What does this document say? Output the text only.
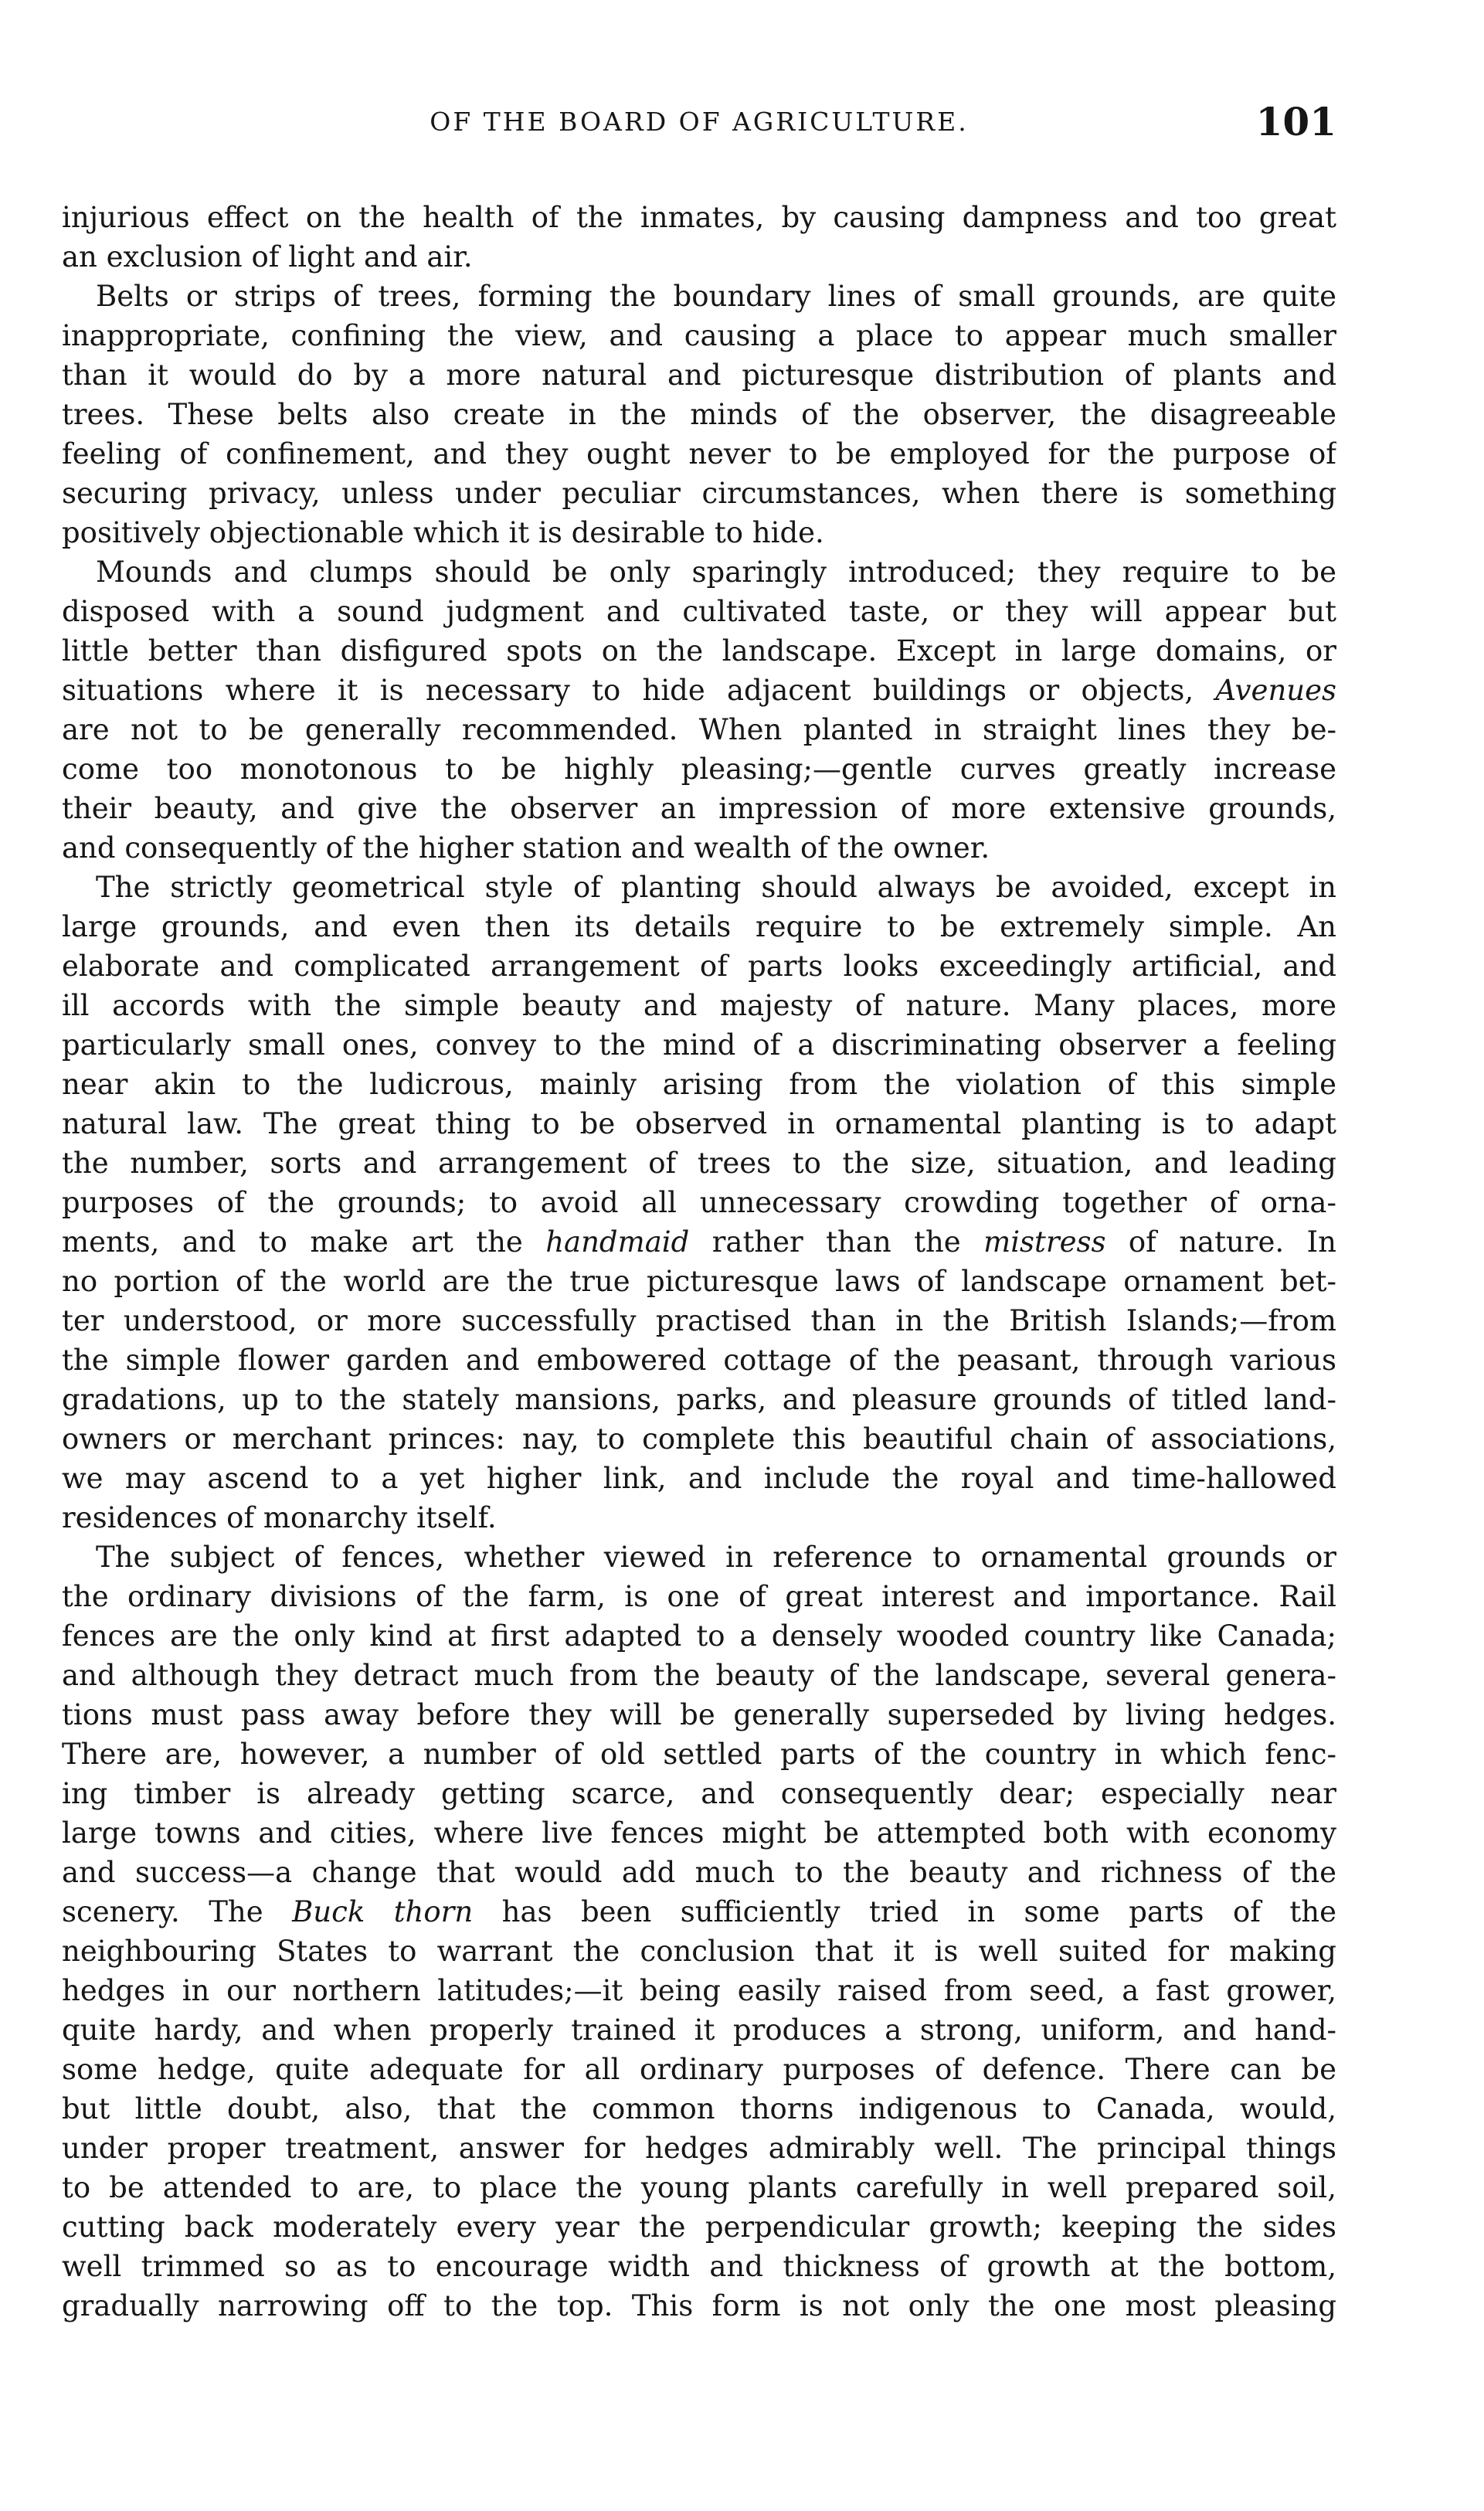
OF THE BOARD OF AGRICULTURE.	101
injurious effect on the health of the inmates, by causing dampness and too great
an exclusion of light and air.
Belts or strips of trees, forming the boundary lines of small grounds, are quite
inappropriate, confining the view, and causing a place to appear much smaller
than it would do by a more natural and picturesque distribution of plants and
trees. These belts also create in the minds of the observer, the disagreeable
feeling of confinement, and they ought never to be employed for the purpose of
securing privacy, unless under peculiar circumstances, when there is something
positively objectionable which it is desirable to hide.
Mounds and clumps should be only sparingly introduced; they require to be
disposed with a sound judgment and cultivated taste, or they will appear but
little better than disfigured spots on the landscape. Except in large domains, or
situations where it is necessary to hide adjacent buildings or objects, Avenues
are not to be generally recommended. When planted in straight lines they be-
come too monotonous to be highly pleasing;—gentle curves greatly increase
their beauty, and give the observer an impression of more extensive grounds,
and consequently of the higher station and wealth of the owner.
The strictly geometrical style of planting should always be avoided, except in
large grounds, and even then its details require to be extremely simple. An
elaborate and complicated arrangement of parts looks exceedingly artificial, and
ill accords with the simple beauty and majesty of nature. Many places, more
particularly small ones, convey to the mind of a discriminating observer a feeling
near akin to the ludicrous, mainly arising from the violation of this simple
natural law. The great thing to be observed in ornamental planting is to adapt
the number, sorts and arrangement of trees to the size, situation, and leading
purposes of the grounds; to avoid all unnecessary crowding together of orna-
ments, and to make art the handmaid rather than the mistress of nature. In
no portion of the world are the true picturesque laws of landscape ornament bet-
ter understood, or more successfully practised than in the British Islands;—from
the simple flower garden and embowered cottage of the peasant, through various
gradations, up to the stately mansions, parks, and pleasure grounds of titled land-
owners or merchant princes: nay, to complete this beautiful chain of associations,
we may ascend to a yet higher link, and include the royal and time-hallowed
residences of monarchy itself.
The subject of fences, whether viewed in reference to ornamental grounds or
the ordinary divisions of the farm, is one of great interest and importance. Rail
fences are the only kind at first adapted to a densely wooded country like Canada;
and although they detract much from the beauty of the landscape, several genera-
tions must pass away before they will be generally superseded by living hedges.
There are, however, a number of old settled parts of the country in which fenc-
ing timber is already getting scarce, and consequently dear; especially near
large towns and cities, where live fences might be attempted both with economy
and success—a change that would add much to the beauty and richness of the
scenery. The Buck thorn has been sufficiently tried in some parts of the
neighbouring States to warrant the conclusion that it is well suited for making
hedges in our northern latitudes;—it being easily raised from seed, a fast grower,
quite hardy, and when properly trained it produces a strong, uniform, and hand-
some hedge, quite adequate for all ordinary purposes of defence. There can be
but little doubt, also, that the common thorns indigenous to Canada, would,
under proper treatment, answer for hedges admirably well. The principal things
to be attended to are, to place the young plants carefully in well prepared soil,
cutting back moderately every year the perpendicular growth; keeping the sides
well trimmed so as to encourage width and thickness of growth at the bottom,
gradually narrowing off to the top. This form is not only the one most pleasing
